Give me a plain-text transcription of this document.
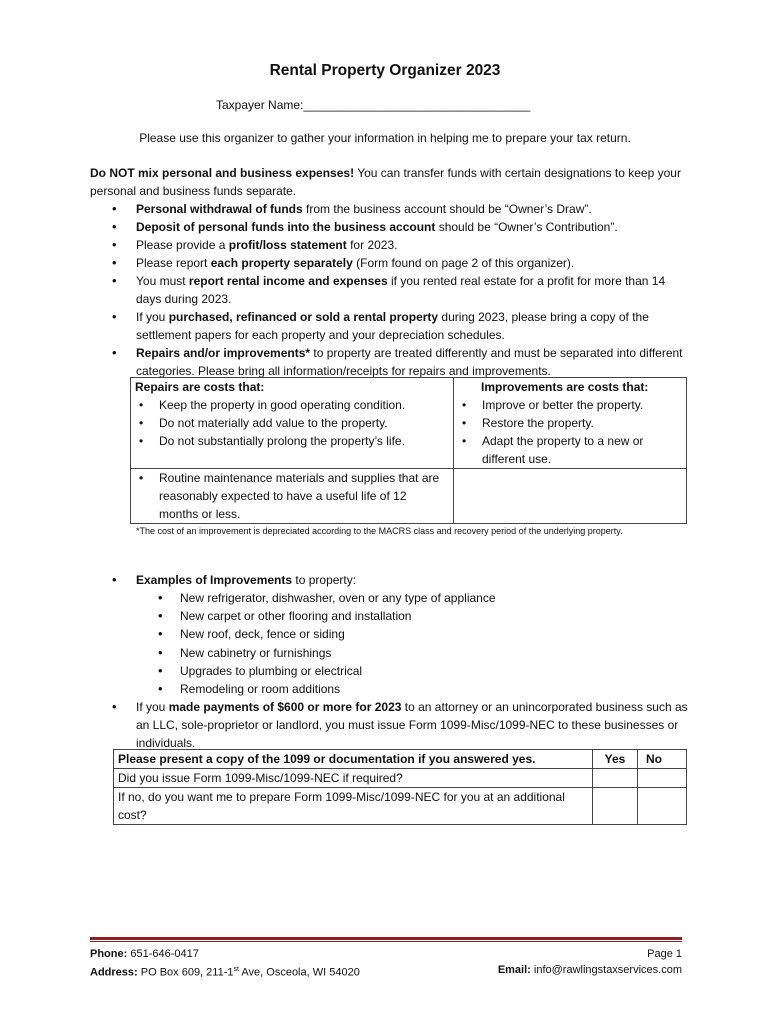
Rental Property Organizer 2023
Taxpayer Name:__________________________________
Please use this organizer to gather your information in helping me to prepare your tax return.
Do NOT mix personal and business expenses! You can transfer funds with certain designations to keep your personal and business funds separate.
• Personal withdrawal of funds from the business account should be “Owner’s Draw”.
• Deposit of personal funds into the business account should be “Owner’s Contribution”.
• Please provide a profit/loss statement for 2023.
• Please report each property separately (Form found on page 2 of this organizer).
• You must report rental income and expenses if you rented real estate for a profit for more than 14 days during 2023.
• If you purchased, refinanced or sold a rental property during 2023, please bring a copy of the settlement papers for each property and your depreciation schedules.
• Repairs and/or improvements* to property are treated differently and must be separated into different categories. Please bring all information/receipts for repairs and improvements.
Repairs are costs that:	Improvements are costs that:

• Keep the property in good operating condition.	• Improve or better the property.

• Do not materially add value to the property.	• Restore the property.

• Do not substantially prolong the property’s life.	• Adapt the property to a new or different use.

• Routine maintenance materials and supplies that are reasonably expected to have a useful life of 12 months or less.

*The cost of an improvement is depreciated according to the MACRS class and recovery period of the underlying property.
• Examples of Improvements to property:
• New refrigerator, dishwasher, oven or any type of appliance
• New carpet or other flooring and installation
• New roof, deck, fence or siding
• New cabinetry or furnishings
• Upgrades to plumbing or electrical
• Remodeling or room additions
• If you made payments of $600 or more for 2023 to an attorney or an unincorporated business such as an LLC, sole-proprietor or landlord, you must issue Form 1099-Misc/1099-NEC to these businesses or individuals.
Please present a copy of the 1099 or documentation if you answered yes.	Yes	No
Did you issue Form 1099-Misc/1099-NEC if required?		
If no, do you want me to prepare Form 1099-Misc/1099-NEC for you at an additional cost?		
Phone: 651-646-0417
Address: PO Box 609, 211-1st Ave, Osceola, WI 54020
Page 1
Email: info@rawlingstaxservices.com
